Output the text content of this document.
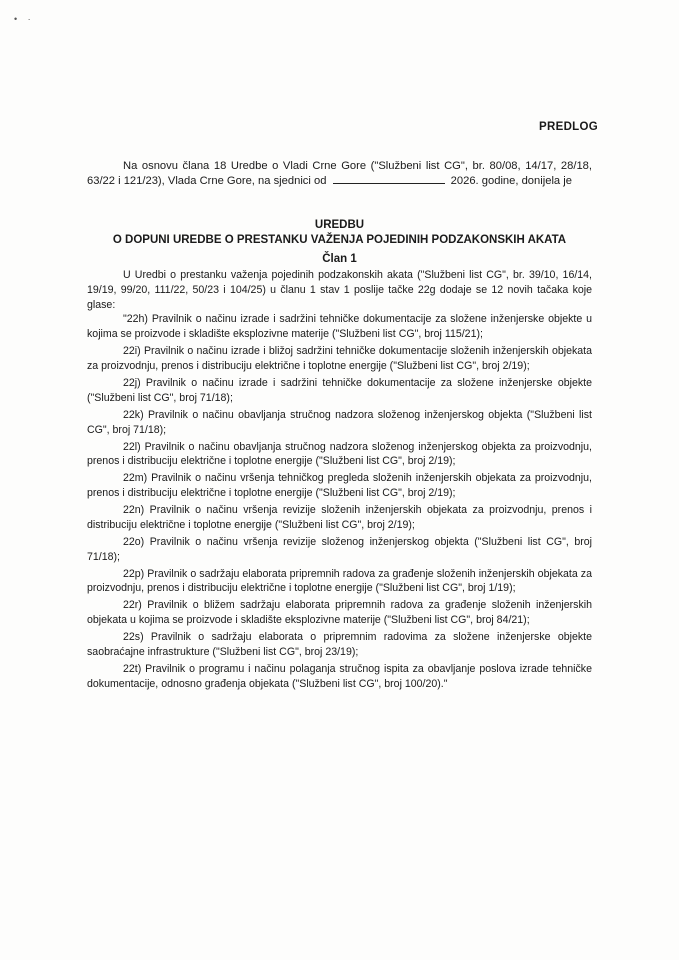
• ·
PREDLOG
Na osnovu člana 18 Uredbe o Vladi Crne Gore ("Službeni list CG", br. 80/08, 14/17, 28/18, 63/22 i 121/23), Vlada Crne Gore, na sjednici od	2026. godine, donijela je
UREDBU
O DOPUNI UREDBE O PRESTANKU VAŽENJA POJEDINIH PODZAKONSKIH AKATA
Član 1

U Uredbi o prestanku važenja pojedinih podzakonskih akata ("Službeni list CG", br. 39/10, 16/14, 19/19, 99/20, 111/22, 50/23 i 104/25) u članu 1 stav 1 poslije tačke 22g dodaje se 12 novih tačaka koje glase:

"22h) Pravilnik o načinu izrade i sadržini tehničke dokumentacije za složene inženjerske objekte u kojima se proizvode i skladište eksplozivne materije ("Službeni list CG", broj 115/21);

22i) Pravilnik o načinu izrade i bližoj sadržini tehničke dokumentacije složenih inženjerskih objekata za proizvodnju, prenos i distribuciju električne i toplotne energije ("Službeni list CG", broj 2/19);

22j) Pravilnik o načinu izrade i sadržini tehničke dokumentacije za složene inženjerske objekte ("Službeni list CG", broj 71/18);

22k) Pravilnik o načinu obavljanja stručnog nadzora složenog inženjerskog objekta ("Službeni list CG", broj 71/18);

22l) Pravilnik o načinu obavljanja stručnog nadzora složenog inženjerskog objekta za proizvodnju, prenos i distribuciju električne i toplotne energije ("Službeni list CG", broj 2/19);

22m) Pravilnik o načinu vršenja tehničkog pregleda složenih inženjerskih objekata za proizvodnju, prenos i distribuciju električne i toplotne energije ("Službeni list CG", broj 2/19);

22n) Pravilnik o načinu vršenja revizije složenih inženjerskih objekata za proizvodnju, prenos i distribuciju električne i toplotne energije ("Službeni list CG", broj 2/19);

22o) Pravilnik o načinu vršenja revizije složenog inženjerskog objekta ("Službeni list CG", broj 71/18);

22p) Pravilnik o sadržaju elaborata pripremnih radova za građenje složenih inženjerskih objekata za proizvodnju, prenos i distribuciju električne i toplotne energije ("Službeni list CG", broj 1/19);

22r) Pravilnik o bližem sadržaju elaborata pripremnih radova za građenje složenih inženjerskih objekata u kojima se proizvode i skladište eksplozivne materije ("Službeni list CG", broj 84/21);

22s) Pravilnik o sadržaju elaborata o pripremnim radovima za složene inženjerske objekte saobraćajne infrastrukture ("Službeni list CG", broj 23/19);

22t) Pravilnik o programu i načinu polaganja stručnog ispita za obavljanje poslova izrade tehničke dokumentacije, odnosno građenja objekata ("Službeni list CG", broj 100/20)."
